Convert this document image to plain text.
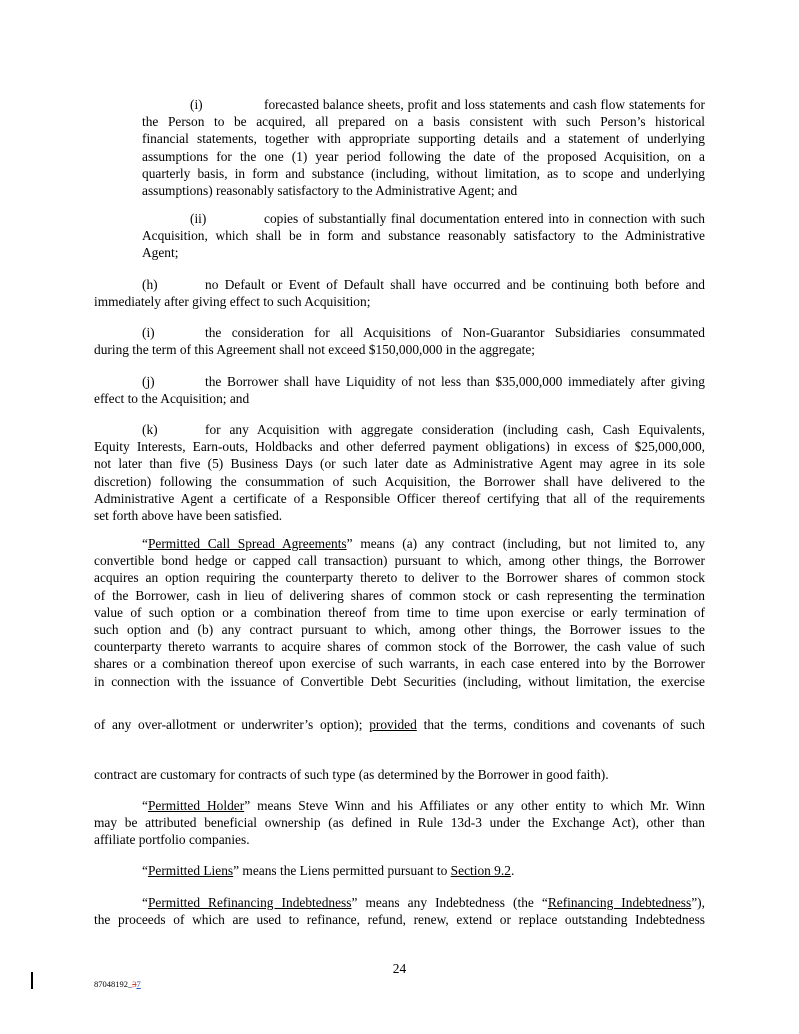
(i)	forecasted balance sheets, profit and loss statements and cash flow statements for
the Person to be acquired, all prepared on a basis consistent with such Person’s historical
financial statements, together with appropriate supporting details and a statement of underlying
assumptions for the one (1) year period following the date of the proposed Acquisition, on a
quarterly basis, in form and substance (including, without limitation, as to scope and underlying
assumptions) reasonably satisfactory to the Administrative Agent; and
(ii)	copies of substantially final documentation entered into in connection with such
Acquisition, which shall be in form and substance reasonably satisfactory to the Administrative
Agent;
(h)	no Default or Event of Default shall have occurred and be continuing both before and
immediately after giving effect to such Acquisition;
(i)	the consideration for all Acquisitions of Non-Guarantor Subsidiaries consummated
during the term of this Agreement shall not exceed $150,000,000 in the aggregate;
(j)	the Borrower shall have Liquidity of not less than $35,000,000 immediately after giving
effect to the Acquisition; and
(k)	for any Acquisition with aggregate consideration (including cash, Cash Equivalents,
Equity Interests, Earn-outs, Holdbacks and other deferred payment obligations) in excess of $25,000,000,
not later than five (5) Business Days (or such later date as Administrative Agent may agree in its sole
discretion) following the consummation of such Acquisition, the Borrower shall have delivered to the
Administrative Agent a certificate of a Responsible Officer thereof certifying that all of the requirements
set forth above have been satisfied.
“Permitted Call Spread Agreements” means (a) any contract (including, but not limited to, any
convertible bond hedge or capped call transaction) pursuant to which, among other things, the Borrower
acquires an option requiring the counterparty thereto to deliver to the Borrower shares of common stock
of the Borrower, cash in lieu of delivering shares of common stock or cash representing the termination
value of such option or a combination thereof from time to time upon exercise or early termination of
such option and (b) any contract pursuant to which, among other things, the Borrower issues to the
counterparty thereto warrants to acquire shares of common stock of the Borrower, the cash value of such
shares or a combination thereof upon exercise of such warrants, in each case entered into by the Borrower
in connection with the issuance of Convertible Debt Securities (including, without limitation, the exercise
of any over-allotment or underwriter’s option); provided that the terms, conditions and covenants of such
contract are customary for contracts of such type (as determined by the Borrower in good faith).
“Permitted Holder” means Steve Winn and his Affiliates or any other entity to which Mr. Winn
may be attributed beneficial ownership (as defined in Rule 13d-3 under the Exchange Act), other than
affiliate portfolio companies.
“Permitted Liens” means the Liens permitted pursuant to Section 9.2.
“Permitted Refinancing Indebtedness” means any Indebtedness (the “Refinancing Indebtedness”),
the proceeds of which are used to refinance, refund, renew, extend or replace outstanding Indebtedness
24
87048192_37
